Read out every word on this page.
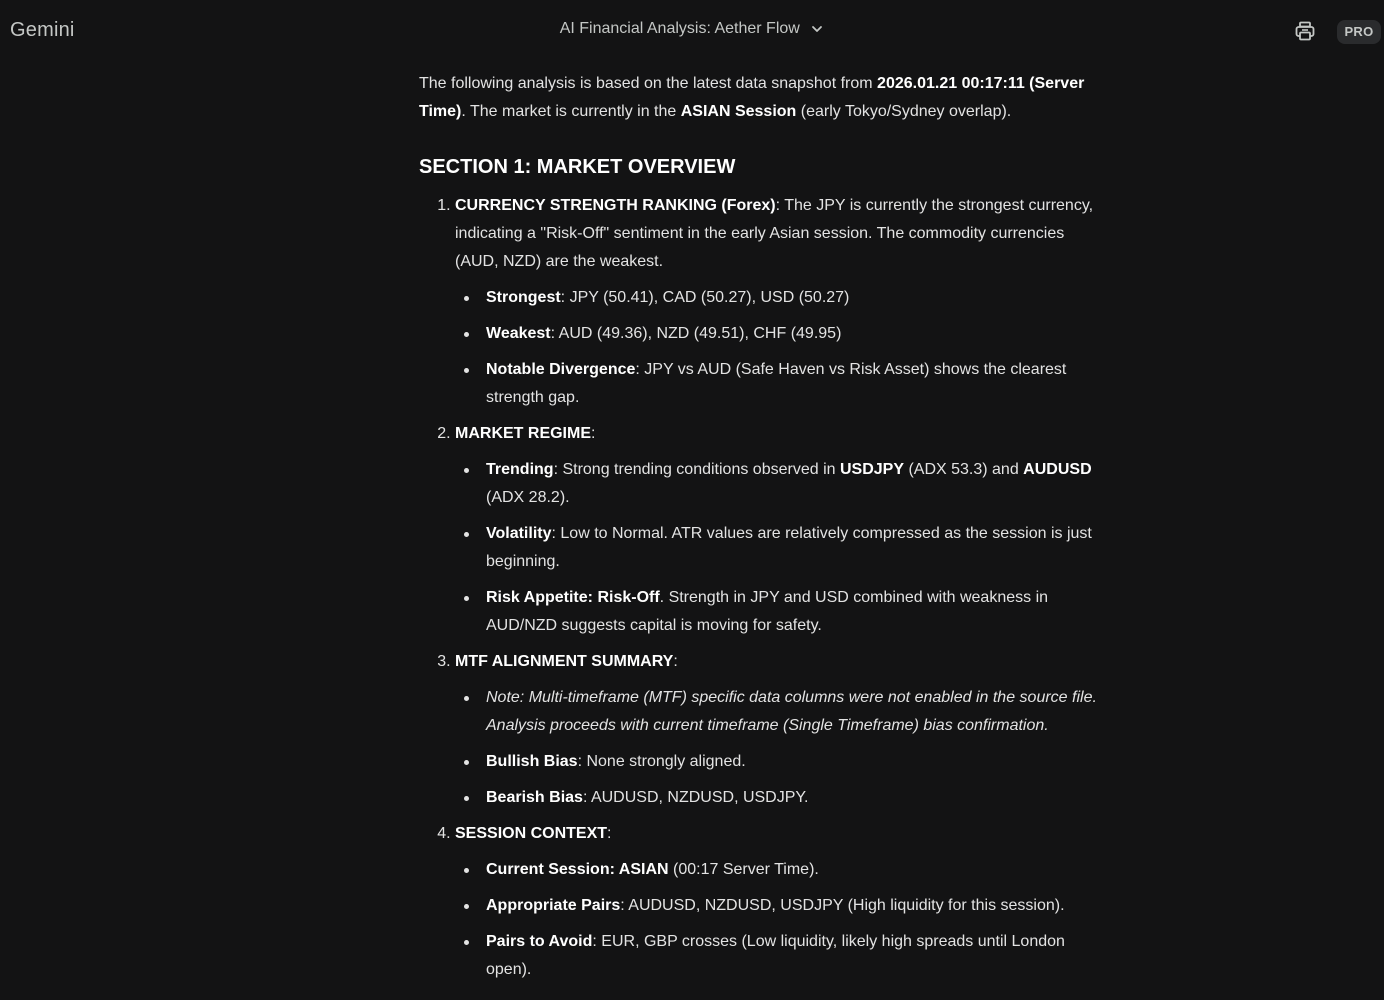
Gemini	AI Financial Analysis: Aether Flow	PRO

The following analysis is based on the latest data snapshot from 2026.01.21 00:17:11 (Server Time). The market is currently in the ASIAN Session (early Tokyo/Sydney overlap).

SECTION 1: MARKET OVERVIEW
1. CURRENCY STRENGTH RANKING (Forex): The JPY is currently the strongest currency, indicating a "Risk-Off" sentiment in the early Asian session. The commodity currencies (AUD, NZD) are the weakest.
Strongest: JPY (50.41), CAD (50.27), USD (50.27)
Weakest: AUD (49.36), NZD (49.51), CHF (49.95)
Notable Divergence: JPY vs AUD (Safe Haven vs Risk Asset) shows the clearest strength gap.
2. MARKET REGIME:
Trending: Strong trending conditions observed in USDJPY (ADX 53.3) and AUDUSD (ADX 28.2).
Volatility: Low to Normal. ATR values are relatively compressed as the session is just beginning.
Risk Appetite: Risk-Off. Strength in JPY and USD combined with weakness in AUD/NZD suggests capital is moving for safety.
3. MTF ALIGNMENT SUMMARY:
Note: Multi-timeframe (MTF) specific data columns were not enabled in the source file. Analysis proceeds with current timeframe (Single Timeframe) bias confirmation.
Bullish Bias: None strongly aligned.
Bearish Bias: AUDUSD, NZDUSD, USDJPY.
4. SESSION CONTEXT:
Current Session: ASIAN (00:17 Server Time).
Appropriate Pairs: AUDUSD, NZDUSD, USDJPY (High liquidity for this session).
Pairs to Avoid: EUR, GBP crosses (Low liquidity, likely high spreads until London open).
